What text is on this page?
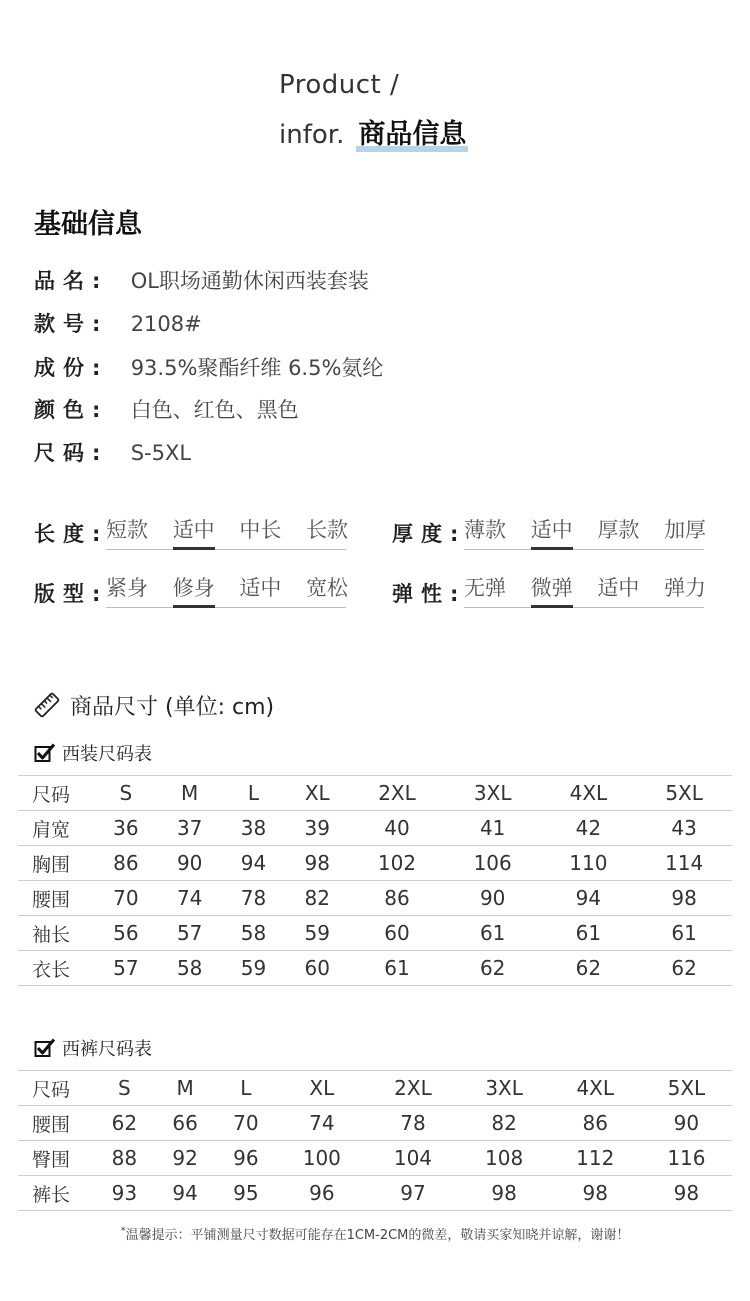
Product /
infor. 商品信息
基础信息
品名: OL职场通勤休闲西装套装
款号: 2108#
成份: 93.5%聚酯纤维 6.5%氨纶
颜色: 白色、红色、黑色
尺码: S-5XL
长度: 短款 适中 中长 长款 厚度: 薄款 适中 厚款 加厚
版型: 紧身 修身 适中 宽松 弹性: 无弹 微弹 适中 弹力
商品尺寸 (单位: cm)
西装尺码表
尺码	S	M	L	XL	2XL	3XL	4XL	5XL
肩宽	36	37	38	39	40	41	42	43
胸围	86	90	94	98	102	106	110	114
腰围	70	74	78	82	86	90	94	98
袖长	56	57	58	59	60	61	61	61
衣长	57	58	59	60	61	62	62	62
西裤尺码表
尺码	S	M	L	XL	2XL	3XL	4XL	5XL
腰围	62	66	70	74	78	82	86	90
臀围	88	92	96	100	104	108	112	116
裤长	93	94	95	96	97	98	98	98
*温馨提示：平铺测量尺寸数据可能存在1CM-2CM的微差，敬请买家知晓并谅解，谢谢！
